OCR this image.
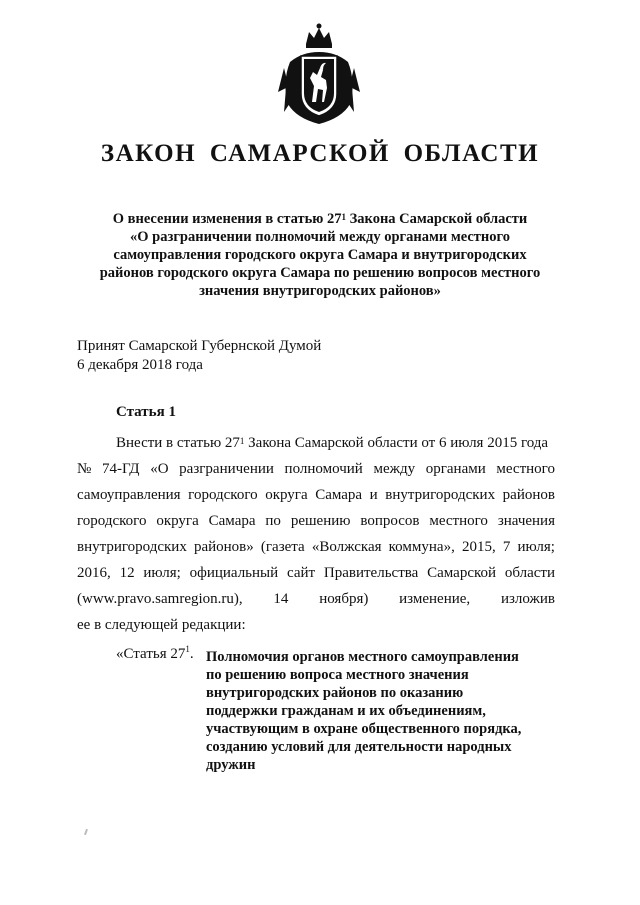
ЗАКОН САМАРСКОЙ ОБЛАСТИ

О внесении изменения в статью $27^1$ Закона Самарской области

«О разграничении полномочий между органами местного

самоуправления городского округа Самара и внутригородских

районов городского округа Самара по решению вопросов местного

значения внутригородских районов»

Принят Самарской Губернской Думой
6 декабря 2018 года
Статья 1
Внести в статью $27^1$ Закона Самарской области от 6 июля 2015 года
№ 74-ГД «О разграничении полномочий между органами местного
самоуправления городского округа Самара и внутригородских районов
городского округа Самара по решению вопросов местного значения
внутригородских районов» (газета «Волжская коммуна», 2015, 7 июля;
2016, 12 июля; официальный сайт Правительства Самарской области
(www.pravo.samregion.ru), 14 ноября) изменение, изложив
ее в следующей редакции:
«Статья $27^1$. Полномочия органов местного самоуправления
по решению вопроса местного значения
внутригородских районов по оказанию
поддержки гражданам и их объединениям,
участвующим в охране общественного порядка,
созданию условий для деятельности народных
дружин
